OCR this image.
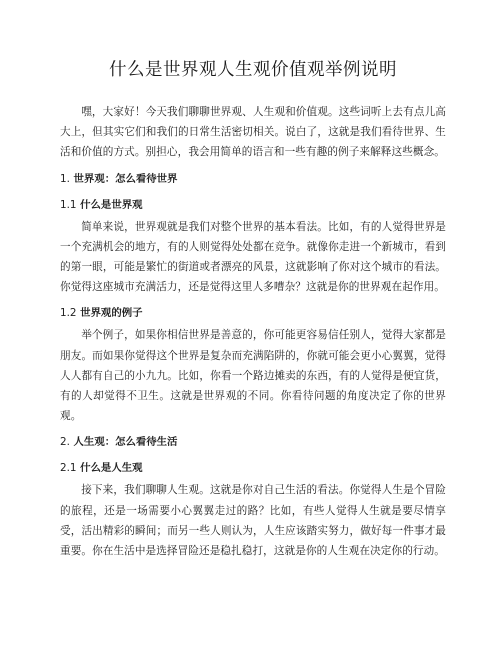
什么是世界观人生观价值观举例说明

嘿，大家好！今天我们聊聊世界观、人生观和价值观。这些词听上去有点儿高大上，但其实它们和我们的日常生活密切相关。说白了，这就是我们看待世界、生活和价值的方式。别担心，我会用简单的语言和一些有趣的例子来解释这些概念。

1. 世界观：怎么看待世界
1.1 什么是世界观

简单来说，世界观就是我们对整个世界的基本看法。比如，有的人觉得世界是一个充满机会的地方，有的人则觉得处处都在竞争。就像你走进一个新城市，看到的第一眼，可能是繁忙的街道或者漂亮的风景，这就影响了你对这个城市的看法。你觉得这座城市充满活力，还是觉得这里人多嘈杂？这就是你的世界观在起作用。

1.2 世界观的例子

举个例子，如果你相信世界是善意的，你可能更容易信任别人，觉得大家都是朋友。而如果你觉得这个世界是复杂而充满陷阱的，你就可能会更小心翼翼，觉得人人都有自己的小九九。比如，你看一个路边摊卖的东西，有的人觉得是便宜货，有的人却觉得不卫生。这就是世界观的不同。你看待问题的角度决定了你的世界观。

2. 人生观：怎么看待生活
2.1 什么是人生观

接下来，我们聊聊人生观。这就是你对自己生活的看法。你觉得人生是个冒险的旅程，还是一场需要小心翼翼走过的路？比如，有些人觉得人生就是要尽情享受，活出精彩的瞬间；而另一些人则认为，人生应该踏实努力，做好每一件事才最重要。你在生活中是选择冒险还是稳扎稳打，这就是你的人生观在决定你的行动。
